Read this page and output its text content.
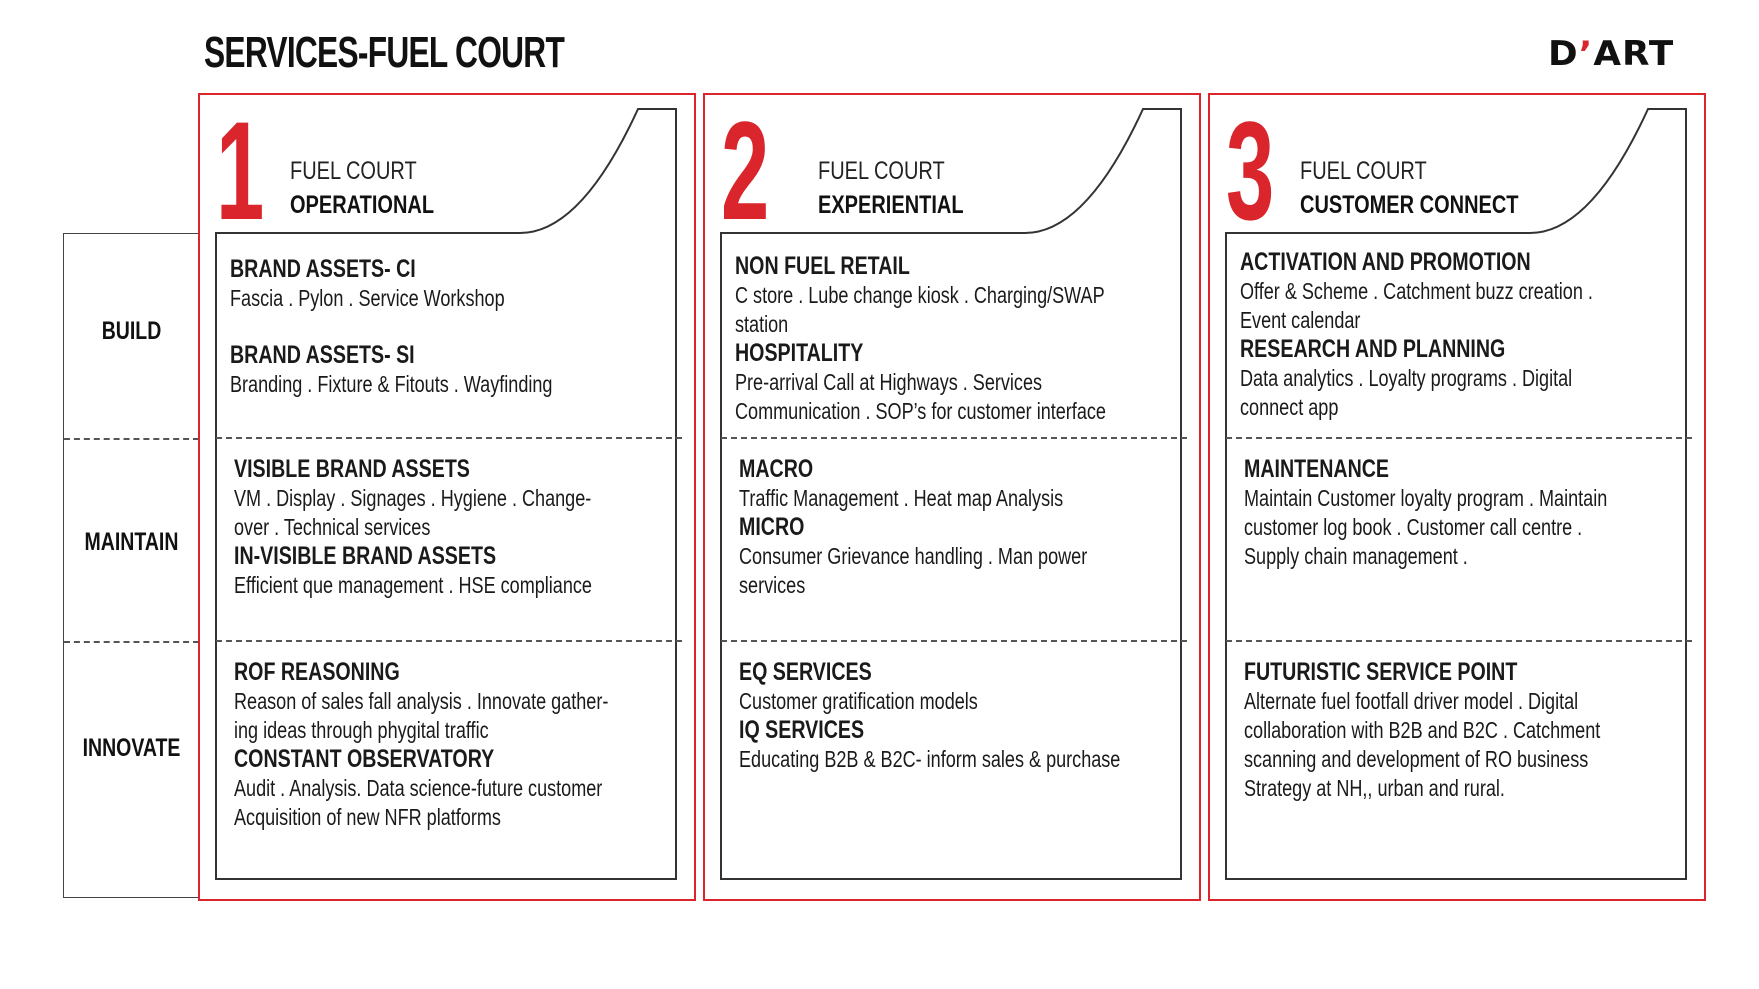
SERVICES-FUEL COURT	D’ART
BUILD
MAINTAIN
INNOVATE
1 FUEL COURT
OPERATIONAL
BRAND ASSETS- CI
Fascia . Pylon . Service Workshop
BRAND ASSETS- SI
Branding . Fixture & Fitouts . Wayfinding
VISIBLE BRAND ASSETS
VM . Display . Signages . Hygiene . Change-
over . Technical services
IN-VISIBLE BRAND ASSETS
Efficient que management . HSE compliance
ROF REASONING
Reason of sales fall analysis . Innovate gather-
ing ideas through phygital traffic
CONSTANT OBSERVATORY
Audit . Analysis. Data science-future customer
Acquisition of new NFR platforms
2 FUEL COURT
EXPERIENTIAL
NON FUEL RETAIL
C store . Lube change kiosk . Charging/SWAP
station
HOSPITALITY
Pre-arrival Call at Highways . Services
Communication . SOP’s for customer interface
MACRO
Traffic Management . Heat map Analysis
MICRO
Consumer Grievance handling . Man power
services
EQ SERVICES
Customer gratification models
IQ SERVICES
Educating B2B & B2C- inform sales & purchase
3 FUEL COURT
CUSTOMER CONNECT
ACTIVATION AND PROMOTION
Offer & Scheme . Catchment buzz creation .
Event calendar
RESEARCH AND PLANNING
Data analytics . Loyalty programs . Digital
connect app
MAINTENANCE
Maintain Customer loyalty program . Maintain
customer log book . Customer call centre .
Supply chain management .
FUTURISTIC SERVICE POINT
Alternate fuel footfall driver model . Digital
collaboration with B2B and B2C . Catchment
scanning and development of RO business
Strategy at NH,, urban and rural.
